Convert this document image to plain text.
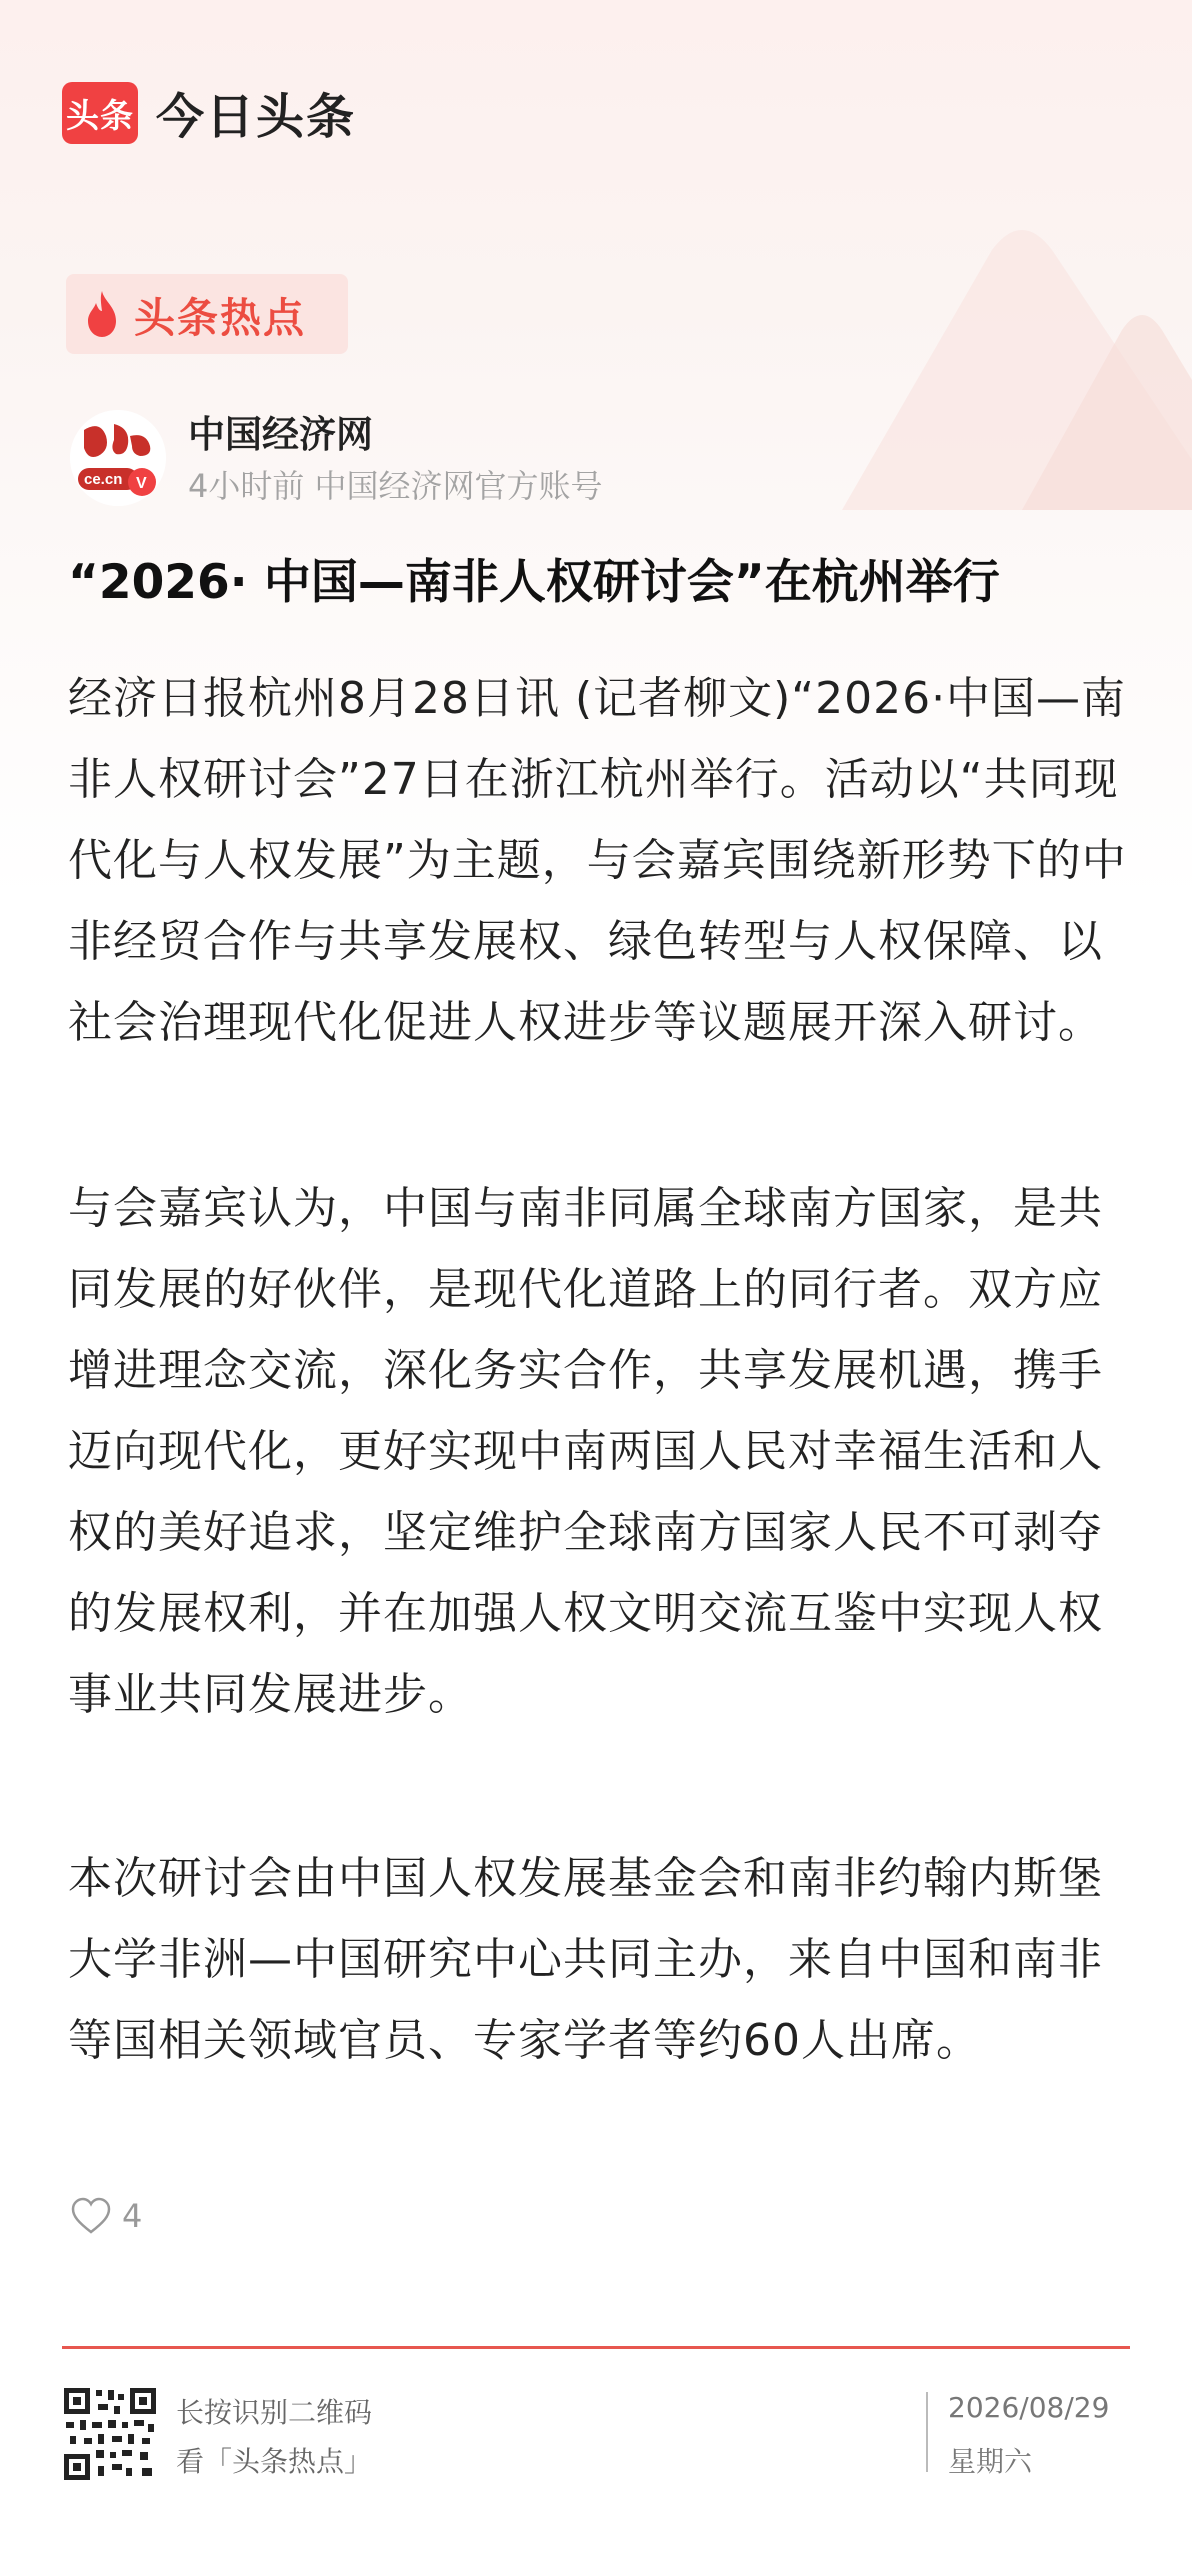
头条 今日头条
头条热点
ce.cn V
中国经济网
4小时前 中国经济网官方账号
“2026· 中国—南非人权研讨会”在杭州举行
经济日报杭州8月28日讯 (记者柳文)“2026·中国—南非人权研讨会”27日在浙江杭州举行。活动以“共同现代化与人权发展”为主题，与会嘉宾围绕新形势下的中非经贸合作与共享发展权、绿色转型与人权保障、以社会治理现代化促进人权进步等议题展开深入研讨。
与会嘉宾认为，中国与南非同属全球南方国家，是共同发展的好伙伴，是现代化道路上的同行者。双方应增进理念交流，深化务实合作，共享发展机遇，携手迈向现代化，更好实现中南两国人民对幸福生活和人权的美好追求，坚定维护全球南方国家人民不可剥夺的发展权利，并在加强人权文明交流互鉴中实现人权事业共同发展进步。
本次研讨会由中国人权发展基金会和南非约翰内斯堡大学非洲—中国研究中心共同主办，来自中国和南非等国相关领域官员、专家学者等约60人出席。
4
长按识别二维码
看「头条热点」
2026/08/29
星期六
